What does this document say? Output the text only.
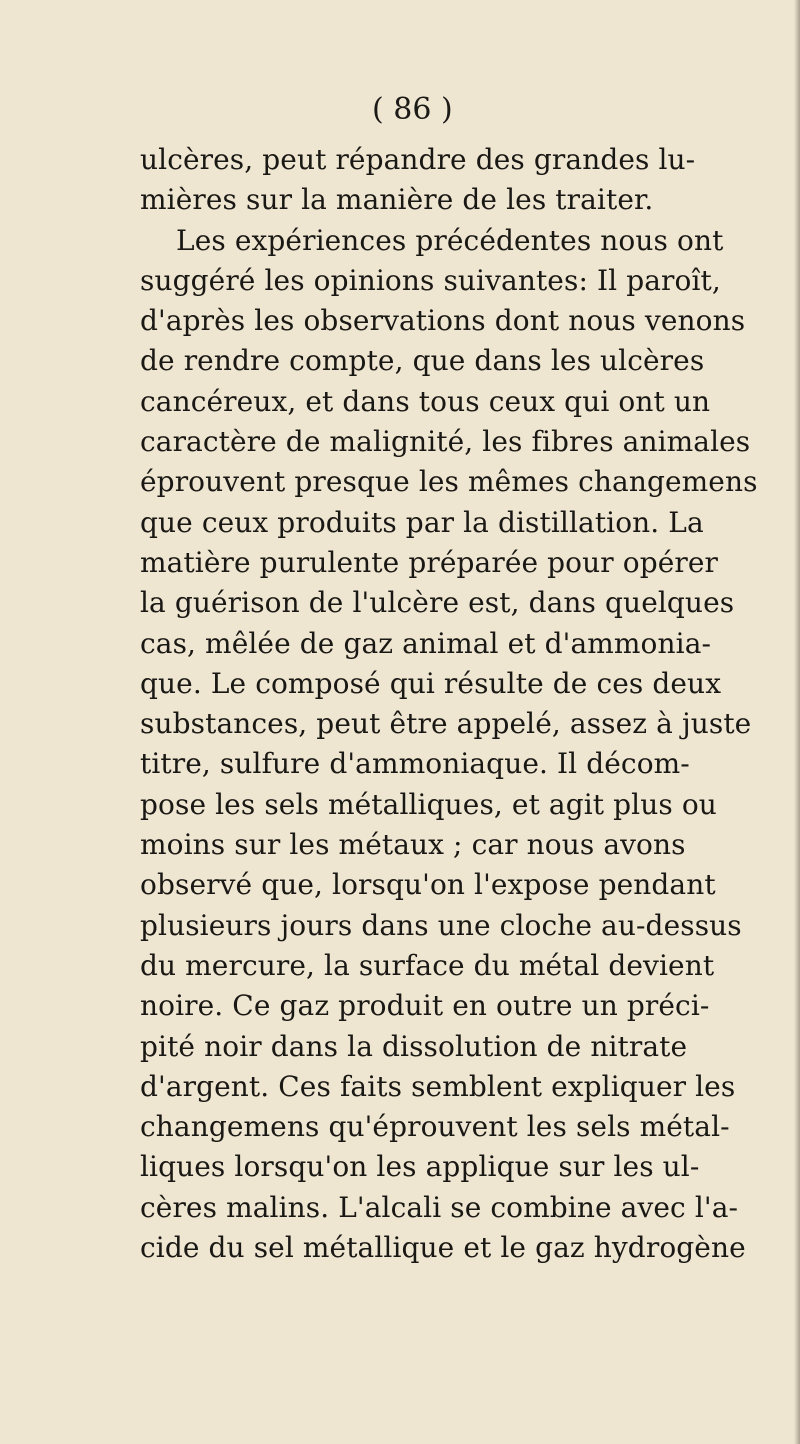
( 86 )
ulcères, peut répandre des grandes lu-
mières sur la manière de les traiter.
Les expériences précédentes nous ont
suggéré les opinions suivantes: Il paroît,
d'après les observations dont nous venons
de rendre compte, que dans les ulcères
cancéreux, et dans tous ceux qui ont un
caractère de malignité, les fibres animales
éprouvent presque les mêmes changemens
que ceux produits par la distillation. La
matière purulente préparée pour opérer
la guérison de l'ulcère est, dans quelques
cas, mêlée de gaz animal et d'ammonia-
que. Le composé qui résulte de ces deux
substances, peut être appelé, assez à juste
titre, sulfure d'ammoniaque. Il décom-
pose les sels métalliques, et agit plus ou
moins sur les métaux ; car nous avons
observé que, lorsqu'on l'expose pendant
plusieurs jours dans une cloche au-dessus
du mercure, la surface du métal devient
noire. Ce gaz produit en outre un préci-
pité noir dans la dissolution de nitrate
d'argent. Ces faits semblent expliquer les
changemens qu'éprouvent les sels métal-
liques lorsqu'on les applique sur les ul-
cères malins. L'alcali se combine avec l'a-
cide du sel métallique et le gaz hydrogène
